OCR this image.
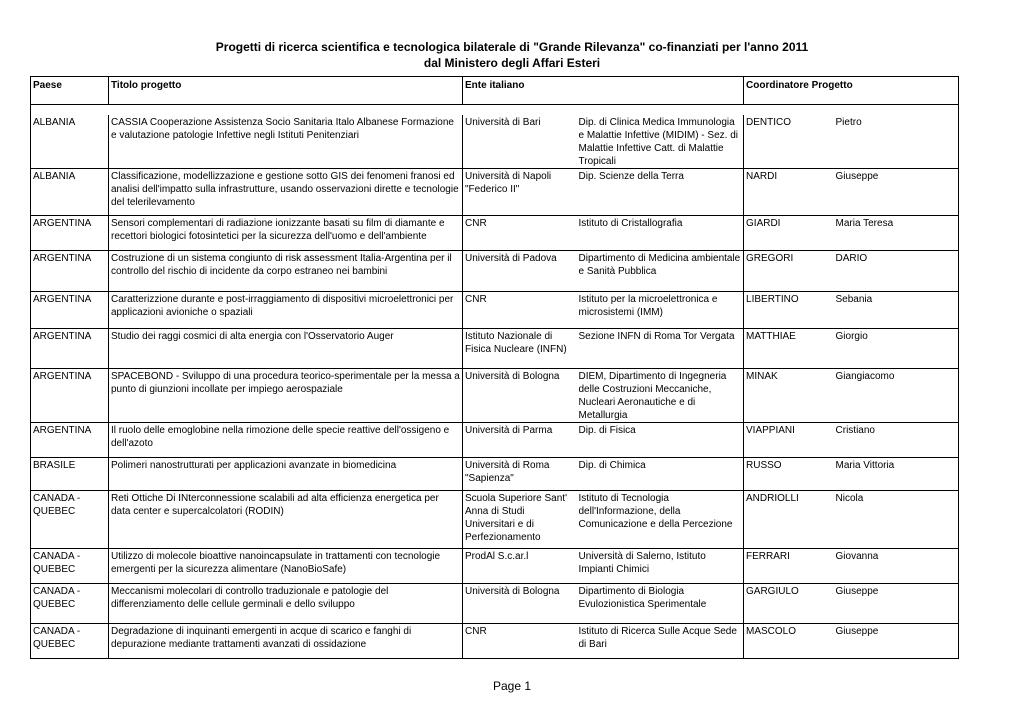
Progetti di ricerca scientifica e tecnologica bilaterale di "Grande Rilevanza" co-finanziati per l'anno 2011
dal Ministero degli Affari Esteri
Paese	Titolo progetto	Ente italiano		Coordinatore Progetto	

ALBANIA	CASSIA Cooperazione Assistenza Socio Sanitaria Italo Albanese Formazione e valutazione patologie Infettive negli Istituti Penitenziari	Università di Bari	Dip. di Clinica Medica Immunologia e Malattie Infettive (MIDIM) - Sez. di Malattie Infettive Catt. di Malattie Tropicali	DENTICO	Pietro
ALBANIA	Classificazione, modellizzazione e gestione sotto GIS dei fenomeni franosi ed analisi dell'impatto sulla infrastrutture, usando osservazioni dirette e tecnologie del telerilevamento	Università di Napoli "Federico II"	Dip. Scienze della Terra	NARDI	Giuseppe
ARGENTINA	Sensori complementari di radiazione ionizzante basati su film di diamante e recettori biologici fotosintetici per la sicurezza dell'uomo e dell'ambiente	CNR	Istituto di Cristallografia	GIARDI	Maria Teresa
ARGENTINA	Costruzione di un sistema congiunto di risk assessment Italia-Argentina per il controllo del rischio di incidente da corpo estraneo nei bambini	Università di Padova	Dipartimento di Medicina ambientale e Sanità Pubblica	GREGORI	DARIO
ARGENTINA	Caratterizzione durante e post-irraggiamento di dispositivi microelettronici per applicazioni avioniche o spaziali	CNR	Istituto per la microelettronica e microsistemi (IMM)	LIBERTINO	Sebania
ARGENTINA	Studio dei raggi cosmici di alta energia con l'Osservatorio Auger	Istituto Nazionale di Fisica Nucleare (INFN)	Sezione INFN di Roma Tor Vergata	MATTHIAE	Giorgio
ARGENTINA	SPACEBOND - Sviluppo di una procedura teorico-sperimentale per la messa a punto di giunzioni incollate per impiego aerospaziale	Università di Bologna	DIEM, Dipartimento di Ingegneria delle Costruzioni Meccaniche, Nucleari Aeronautiche e di Metallurgia	MINAK	Giangiacomo
ARGENTINA	Il ruolo delle emoglobine nella rimozione delle specie reattive dell'ossigeno e dell'azoto	Università di Parma	Dip. di Fisica	VIAPPIANI	Cristiano
BRASILE	Polimeri nanostrutturati per applicazioni avanzate in biomedicina	Università di Roma "Sapienza"	Dip. di Chimica	RUSSO	Maria Vittoria
CANADA - QUEBEC	Reti Ottiche Di INterconnessione scalabili ad alta efficienza energetica per data center e supercalcolatori (RODIN)	Scuola Superiore Sant' Anna di Studi Universitari e di Perfezionamento	Istituto di Tecnologia dell'Informazione, della Comunicazione e della Percezione	ANDRIOLLI	Nicola
CANADA - QUEBEC	Utilizzo di molecole bioattive nanoincapsulate in trattamenti con tecnologie emergenti per la sicurezza alimentare (NanoBioSafe)	ProdAl S.c.ar.l	Università di Salerno, Istituto Impianti Chimici	FERRARI	Giovanna
CANADA - QUEBEC	Meccanismi molecolari di controllo traduzionale e patologie del differenziamento delle cellule germinali e dello sviluppo	Università di Bologna	Dipartimento di Biologia Evulozionistica Sperimentale	GARGIULO	Giuseppe
CANADA - QUEBEC	Degradazione di inquinanti emergenti in acque di scarico e fanghi di depurazione mediante trattamenti avanzati di ossidazione	CNR	Istituto di Ricerca Sulle Acque Sede di Bari	MASCOLO	Giuseppe
Page 1
